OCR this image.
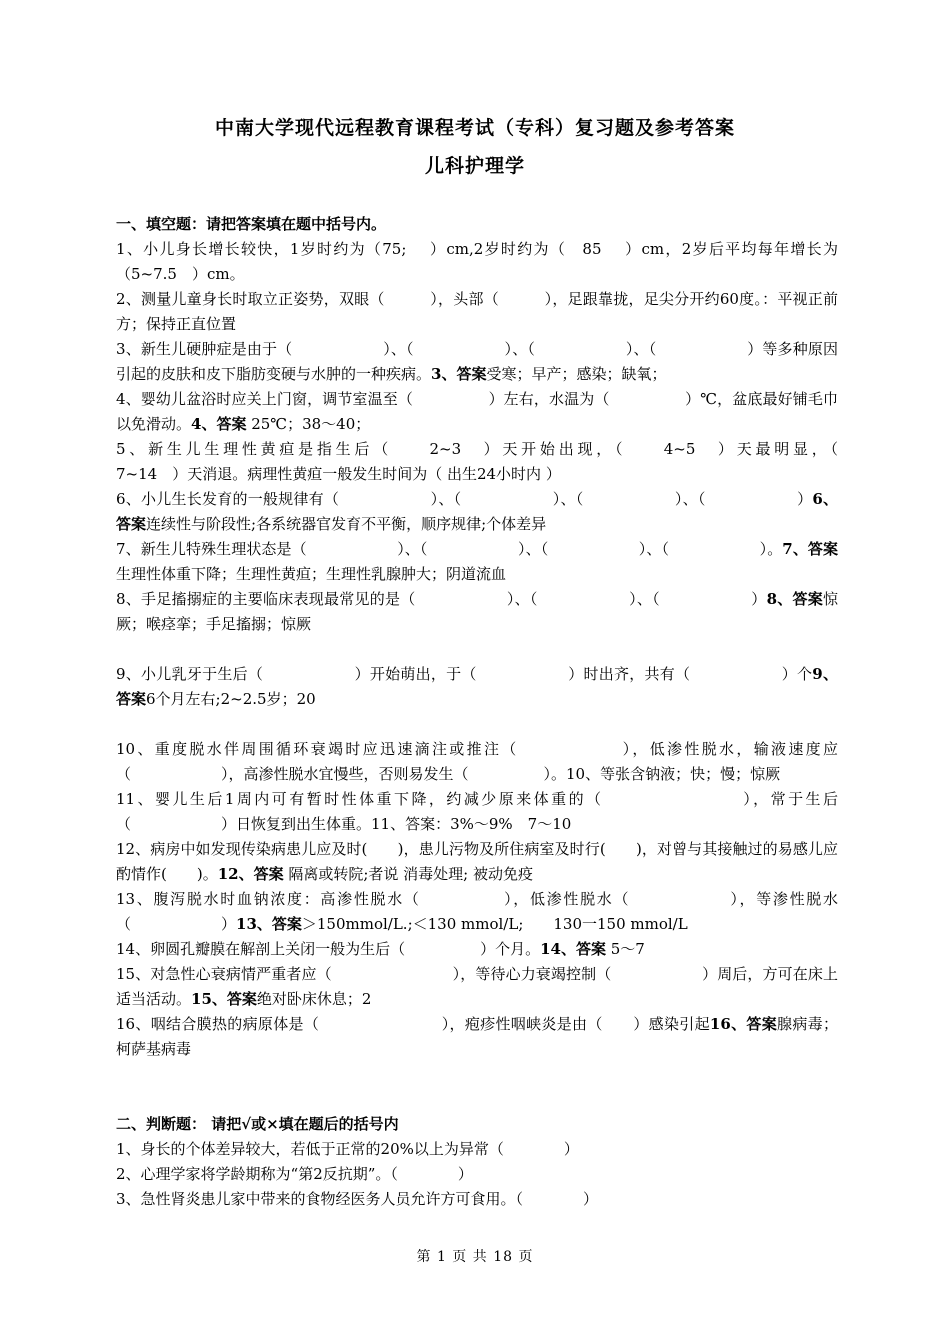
中南大学现代远程教育课程考试（专科）复习题及参考答案
儿科护理学

一、填空题：请把答案填在题中括号内。

1、小儿身长增长较快，1岁时约为（75;　 ）cm,2岁时约为（　85　 ）cm，2岁后平均每年增长为（5~7.5　）cm。

2、测量儿童身长时取立正姿势，双眼（　　　），头部（　　　），足跟靠拢，足尖分开约60度。：平视正前方；保持正直位置

3、新生儿硬肿症是由于（　　　　　　）、（　　　　　　）、（　　　　　　）、（　　　　　　）等多种原因引起的皮肤和皮下脂肪变硬与水肿的一种疾病。3、答案受寒；早产；感染；缺氧；

4、婴幼儿盆浴时应关上门窗，调节室温至（　　　　　）左右，水温为（　　　　　）℃，盆底最好铺毛巾以免滑动。4、答案 25℃；38～40；

5、新生儿生理性黄疸是指生后（　　2~3　）天开始出现，（　　4~5　）天最明显，（　　　　　　7~14　）天消退。病理性黄疸一般发生时间为（ 出生24小时内 ）

6、小儿生长发育的一般规律有（　　　　　　）、（　　　　　　）、（　　　　　　）、（　　　　　　）6、答案连续性与阶段性;各系统器官发育不平衡，顺序规律;个体差异

7、新生儿特殊生理状态是（　　　　　　）、（　　　　　　）、（　　　　　　）、（　　　　　　）。7、答案生理性体重下降；生理性黄疸；生理性乳腺肿大；阴道流血

8、手足搐搦症的主要临床表现最常见的是（　　　　　　）、（　　　　　　）、（　　　　　　）8、答案惊厥；喉痉挛；手足搐搦；惊厥

9、小儿乳牙于生后（　　　　　　）开始萌出，于（　　　　　　）时出齐，共有（　　　　　　）个9、答案6个月左右;2~2.5岁；20

10、重度脱水伴周围循环衰竭时应迅速滴注或推注（　　　　　　），低渗性脱水，输液速度应（　　　　　　），高渗性脱水宜慢些，否则易发生（　　　　　）。10、等张含钠液；快；慢；惊厥

11、婴儿生后1周内可有暂时性体重下降，约减少原来体重的（　　　　　　　　），常于生后（　　　　　　）日恢复到出生体重。11、答案：3%～9%　7～10

12、病房中如发现传染病患儿应及时(　　)，患儿污物及所住病室及时行(　　)，对曾与其接触过的易感儿应酌情作(　　)。12、答案 隔离或转院;者说 消毒处理; 被动免疫

13、腹泻脱水时血钠浓度：高渗性脱水（　　　　　），低渗性脱水（　　　　　　），等渗性脱水（　　　　　　）13、答案＞150mmol/L.;＜130 mmol/L;　　130一150 mmol/L

14、卵圆孔瓣膜在解剖上关闭一般为生后（　　　　　）个月。14、答案 5～7

15、对急性心衰病情严重者应（　　　　　　　　），等待心力衰竭控制（　　　　　　）周后，方可在床上适当活动。15、答案绝对卧床休息；2

16、咽结合膜热的病原体是（　　　　　　　　），疱疹性咽峡炎是由（　　）感染引起16、答案腺病毒；柯萨基病毒

二、判断题： 请把√或×填在题后的括号内

1、身长的个体差异较大，若低于正常的20%以上为异常（　　　　）

2、心理学家将学龄期称为“第2反抗期”。（　　　　）

3、急性肾炎患儿家中带来的食物经医务人员允许方可食用。（　　　　）

第 1 页 共 18 页
